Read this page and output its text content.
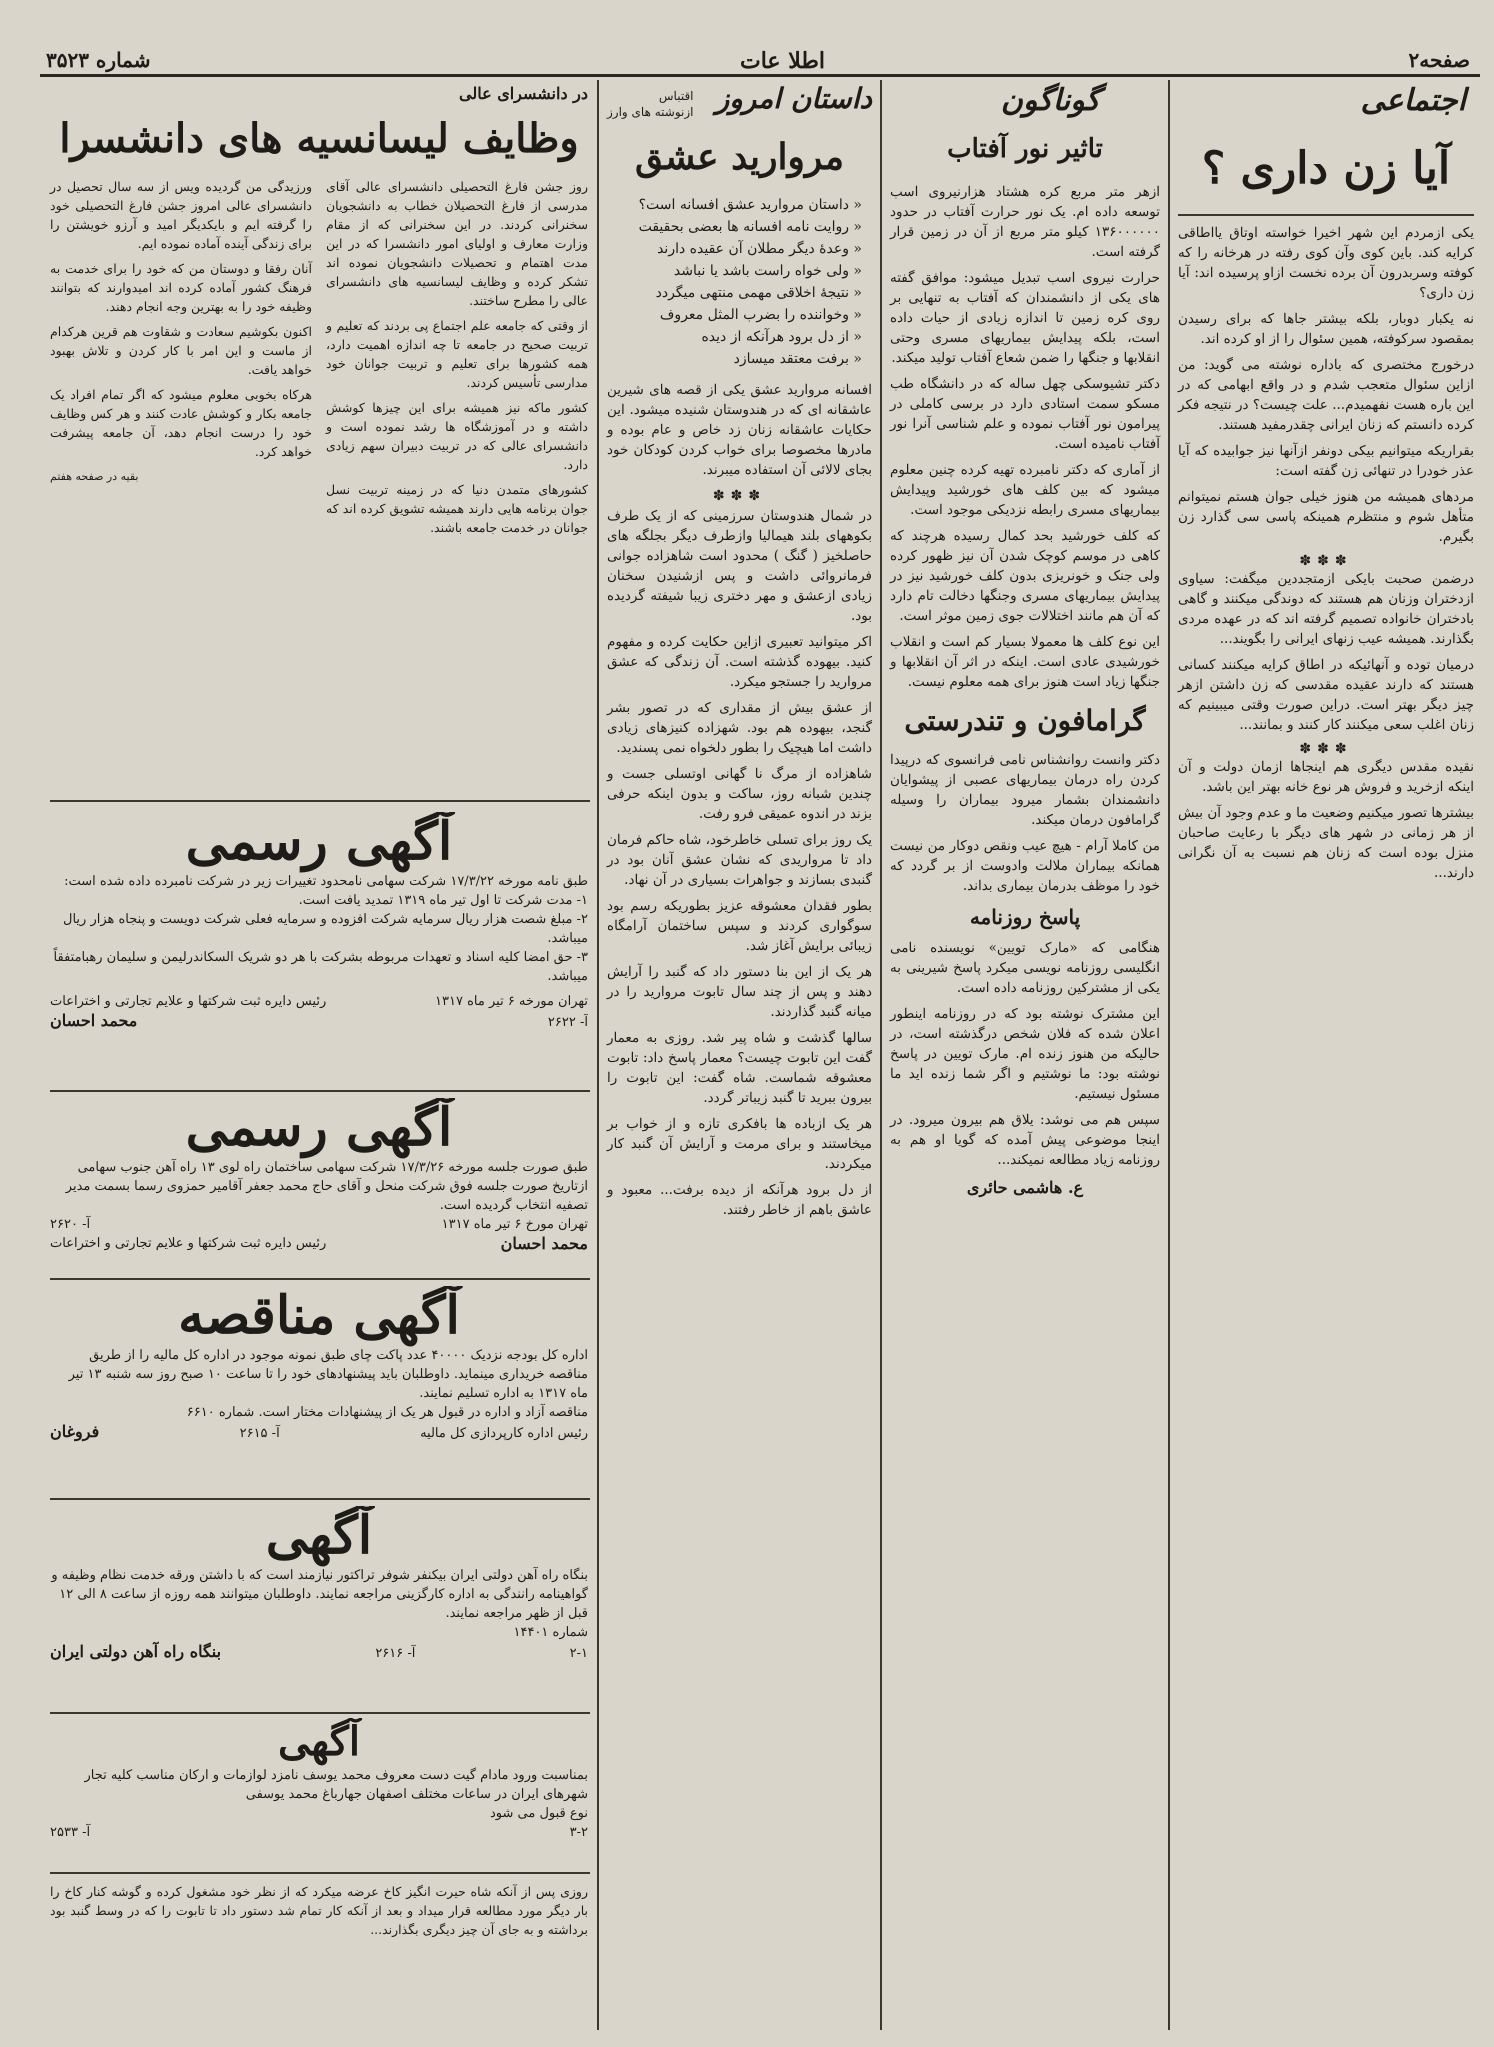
صفحه۲
اطلا عات
شماره ۳۵۲۳
اجتماعی
آیا زن داری ؟

یکی ازمردم این شهر اخیرا خواسته اوتاق یااطاقی کرایه کند. باین کوی وآن کوی رفته در هرخانه را که کوفته وسربدرون آن برده نخست ازاو پرسیده اند: آیا زن داری؟

نه یکبار دوبار، بلکه بیشتر جاها که برای رسیدن بمقصود سرکوفته، همین سئوال را از او کرده اند.

درخورج مختصری که باداره نوشته می گوید: من ازاین سئوال متعجب شدم و در واقع ابهامی که در این باره هست نفهمیدم... علت چیست؟ در نتیجه فکر کرده دانستم که زنان ایرانی چقدرمفید هستند.

بقراریکه میتوانیم بیکی دونفر ازآنها نیز جوابیده که آیا عذر خودرا در تنهائی زن گفته است:

مردهای همیشه من هنوز خیلی جوان هستم نمیتوانم متأهل شوم و منتظرم همینکه پاسی سی گذارد زن بگیرم.

✽✽✽

درضمن صحبت بایکی ازمتجددین میگفت: سیاوی ازدختران وزنان هم هستند که دوندگی میکنند و گاهی بادختران خانواده تصمیم گرفته اند که در عهده مردی بگذارند. همیشه عیب زنهای ایرانی را بگویند...

درمیان توده و آنهائیکه در اطاق کرایه میکنند کسانی هستند که دارند عقیده مقدسی که زن داشتن ازهر چیز دیگر بهتر است. دراین صورت وقتی میبینیم که زنان اغلب سعی میکنند کار کنند و بمانند...

✽✽✽

نقیده مقدس دیگری هم اینجاها ازمان دولت و آن اینکه ازخرید و فروش هر نوع خانه بهتر این باشد.

بیشترها تصور میکنیم وضعیت ما و عدم وجود آن بیش از هر زمانی در شهر های دیگر با رعایت صاحبان منزل بوده است که زنان هم نسبت به آن نگرانی دارند...

گوناگون
تاثیر نور آفتاب

ازهر متر مربع کره هشتاد هزارنیروی اسب توسعه داده ام. یک نور حرارت آفتاب در حدود ۱۳۶۰۰۰۰۰۰ کیلو متر مربع از آن در زمین قرار گرفته است.

حرارت نیروی اسب تبدیل میشود: موافق گفته های یکی از دانشمندان که آفتاب به تنهایی بر روی کره زمین تا اندازه زیادی از حیات داده است، بلکه پیدایش بیماریهای مسری وحتی انقلابها و جنگها را ضمن شعاع آفتاب تولید میکند.

دکتر تشیوسکی چهل ساله که در دانشگاه طب مسکو سمت استادی دارد در برسی کاملی در پیرامون نور آفتاب نموده و علم شناسی آنرا نور آفتاب نامیده است.

از آماری که دکتر نامبرده تهیه کرده چنین معلوم میشود که بین کلف های خورشید وپیدایش بیماریهای مسری رابطه نزدیکی موجود است.

که کلف خورشید بحد کمال رسیده هرچند که کاهی در موسم کوچک شدن آن نیز ظهور کرده ولی جنک و خونریزی بدون کلف خورشید نیز در پیدایش بیماریهای مسری وجنگها دخالت تام دارد که آن هم مانند اختلالات جوی زمین موثر است.

این نوع کلف ها معمولا بسیار کم است و انقلاب خورشیدی عادی است. اینکه در اثر آن انقلابها و جنگها زیاد است هنوز برای همه معلوم نیست.

گرامافون و تندرستی

دکتر وانست روانشناس نامی فرانسوی که درپیدا کردن راه درمان بیماریهای عصبی از پیشوایان دانشمندان بشمار میرود بیماران را وسیله گرامافون درمان میکند.

من کاملا آرام - هیچ عیب ونقص دوکار من نیست همانکه بیماران ملالت وادوست از بر گردد که خود را موظف بدرمان بیماری بداند.

پاسخ روزنامه

هنگامی که «مارک تویین» نویسنده نامی انگلیسی روزنامه نویسی میکرد پاسخ شیرینی به یکی از مشترکین روزنامه داده است.

این مشترک نوشته بود که در روزنامه اینطور اعلان شده که فلان شخص درگذشته است، در حالیکه من هنوز زنده ام. مارک تویین در پاسخ نوشته بود: ما نوشتیم و اگر شما زنده اید ما مسئول نیستیم.

سپس هم می نوشد: یلاق هم بیرون میرود. در اینجا موضوعی پیش آمده که گویا او هم به روزنامه زیاد مطالعه نمیکند...

ع. هاشمی حائری
داستان امروز
اقتباس
ازنوشته های وارز
مروارید عشق
« داستان مروارید عشق افسانه است؟
« روایت نامه افسانه ها بعضی بحقیقت
« وعدۀ دیگر مطلان آن عقیده دارند
« ولی خواه راست باشد یا نباشد
« نتیجۀ اخلاقی مهمی منتهی میگردد
« وخواننده را بضرب المثل معروف
« از دل برود هرآنکه از دیده
« برفت معتقد میسازد

افسانه مروارید عشق یکی از قصه های شیرین عاشقانه ای که در هندوستان شنیده میشود. این حکایات عاشقانه زنان زد خاص و عام بوده و مادرها مخصوصا برای خواب کردن کودکان خود بجای لالائی آن استفاده میبرند.

✽✽✽

در شمال هندوستان سرزمینی که از یک طرف بکوههای بلند هیمالیا وازطرف دیگر بجلگه های حاصلخیز ( گنگ ) محدود است شاهزاده جوانی فرمانروائی داشت و پس ازشنیدن سخنان زیادی ازعشق و مهر دختری زیبا شیفته گردیده بود.

اکر میتوانید تعبیری ازاین حکایت کرده و مفهوم کنید. بیهوده گذشته است. آن زندگی که عشق مروارید را جستجو میکرد.

از عشق بیش از مقداری که در تصور بشر گنجد، بیهوده هم بود. شهزاده کنیزهای زیادی داشت اما هیچیک را بطور دلخواه نمی پسندید.

شاهزاده از مرگ نا گهانی اوتسلی جست و چندین شبانه روز، ساکت و بدون اینکه حرفی بزند در اندوه عمیقی فرو رفت.

یک روز برای تسلی خاطرخود، شاه حاکم فرمان داد تا مرواریدی که نشان عشق آنان بود در گنبدی بسازند و جواهرات بسیاری در آن نهاد.

بطور فقدان معشوقه عزیز بطوریکه رسم بود سوگواری کردند و سپس ساختمان آرامگاه زیبائی برایش آغاز شد.

هر یک از این بنا دستور داد که گنبد را آرایش دهند و پس از چند سال تابوت مروارید را در میانه گنبد گذاردند.

سالها گذشت و شاه پیر شد. روزی به معمار گفت این تابوت چیست؟ معمار پاسخ داد: تابوت معشوقه شماست. شاه گفت: این تابوت را بیرون ببرید تا گنبد زیباتر گردد.

هر یک ازباده ها بافکری تازه و از خواب بر میخاستند و برای مرمت و آرایش آن گنبد کار میکردند.

از دل برود هرآنکه از دیده برفت... معبود و عاشق باهم از خاطر رفتند.

در دانشسرای عالی
وظایف لیسانسیه های دانشسرا

روز جشن فارغ التحصیلی دانشسرای عالی آقای مدرسی از فارغ التحصیلان خطاب به دانشجویان سخنرانی کردند. در این سخنرانی که از مقام وزارت معارف و اولیای امور دانشسرا که در این مدت اهتمام و تحصیلات دانشجویان نموده اند تشکر کرده و وظایف لیسانسیه های دانشسرای عالی را مطرح ساختند.

از وقتی که جامعه علم اجتماع پی بردند که تعلیم و تربیت صحیح در جامعه تا چه اندازه اهمیت دارد، همه کشورها برای تعلیم و تربیت جوانان خود مدارسی تأسیس کردند.

کشور ماکه نیز همیشه برای این چیزها کوشش داشته و در آموزشگاه ها رشد نموده است و دانشسرای عالی که در تربیت دبیران سهم زیادی دارد.

کشورهای متمدن دنیا که در زمینه تربیت نسل جوان برنامه هایی دارند همیشه تشویق کرده اند که جوانان در خدمت جامعه باشند.

ورزیدگی من گردیده ویس از سه سال تحصیل در دانشسرای عالی امروز جشن فارغ التحصیلی خود را گرفته ایم و بایکدیگر امید و آرزو خویشتن را برای زندگی آینده آماده نموده ایم.

آنان رفقا و دوستان من که خود را برای خدمت به فرهنگ کشور آماده کرده اند امیدوارند که بتوانند وظیفه خود را به بهترین وجه انجام دهند.

اکنون بکوشیم سعادت و شقاوت هم قرین هرکدام از ماست و این امر با کار کردن و تلاش بهبود خواهد یافت.

هرکاه بخوبی معلوم میشود که اگر تمام افراد یک جامعه بکار و کوشش عادت کنند و هر کس وظایف خود را درست انجام دهد، آن جامعه پیشرفت خواهد کرد.

بقیه در صفحه هفتم

آگهی رسمی
طبق نامه مورخه ۱۷/۳/۲۲ شرکت سهامی نامحدود تغییرات زیر در شرکت نامبرده داده شده است:
۱- مدت شرکت تا اول تیر ماه ۱۳۱۹ تمدید یافت است.
۲- مبلغ شصت هزار ریال سرمایه شرکت افزوده و سرمایه فعلی شرکت دویست و پنجاه هزار ریال میباشد.
۳- حق امضا کلیه اسناد و تعهدات مربوطه بشرکت با هر دو شریک السکاندرلیمن و سلیمان رهبامتفقاً میباشد.
تهران مورخه ۶ تیر ماه ۱۳۱۷
رئیس دایره ثبت شرکتها و علایم تجارتی و اختراعات
آ- ۲۶۲۲
محمد احسان
آگهی رسمی
طبق صورت جلسه مورخه ۱۷/۳/۲۶ شرکت سهامی ساختمان راه لوی ۱۳ راه آهن جنوب سهامی ازتاریخ صورت جلسه فوق شرکت منحل و آقای حاج محمد جعفر آقامیر حمزوی رسما بسمت مدیر تصفیه انتخاب گردیده است.
تهران مورخ ۶ تیر ماه ۱۳۱۷
آ- ۲۶۲۰
محمد احسان
رئیس دایره ثبت شرکتها و علایم تجارتی و اختراعات
آگهی مناقصه
اداره کل بودجه نزدیک ۴۰۰۰۰ عدد پاکت چای طبق نمونه موجود در اداره کل مالیه را از طریق مناقصه خریداری مینماید. داوطلبان باید پیشنهادهای خود را تا ساعت ۱۰ صبح روز سه شنبه ۱۳ تیر ماه ۱۳۱۷ به اداره تسلیم نمایند.
مناقصه آزاد و اداره در قبول هر یک از پیشنهادات مختار است. شماره ۶۶۱۰
رئیس اداره کارپردازی کل مالیه
آ- ۲۶۱۵
فروغان
آگهی
بنگاه راه آهن دولتی ایران بیکنفر شوفر تراکتور نیازمند است که با داشتن ورقه خدمت نظام وظیفه و گواهینامه رانندگی به اداره کارگزینی مراجعه نمایند. داوطلبان میتوانند همه روزه از ساعت ۸ الی ۱۲ قبل از ظهر مراجعه نمایند.
شماره ۱۴۴۰۱
۲-۱
آ- ۲۶۱۶
بنگاه راه آهن دولتی ایران
آگهی
بمناسبت ورود مادام گیت دست معروف محمد یوسف نامزد لوازمات و ارکان مناسب کلیه تجار شهرهای ایران در ساعات مختلف اصفهان جهارباغ محمد یوسفی
نوع قبول می شود
۳-۲
آ- ۲۵۳۳
روزی پس از آنکه شاه حیرت انگیز کاخ عرضه میکرد که از نظر خود مشغول کرده و گوشه کنار کاخ را بار دیگر مورد مطالعه قرار میداد و بعد از آنکه کار تمام شد دستور داد تا تابوت را که در وسط گنبد بود برداشته و به جای آن چیز دیگری بگذارند...
